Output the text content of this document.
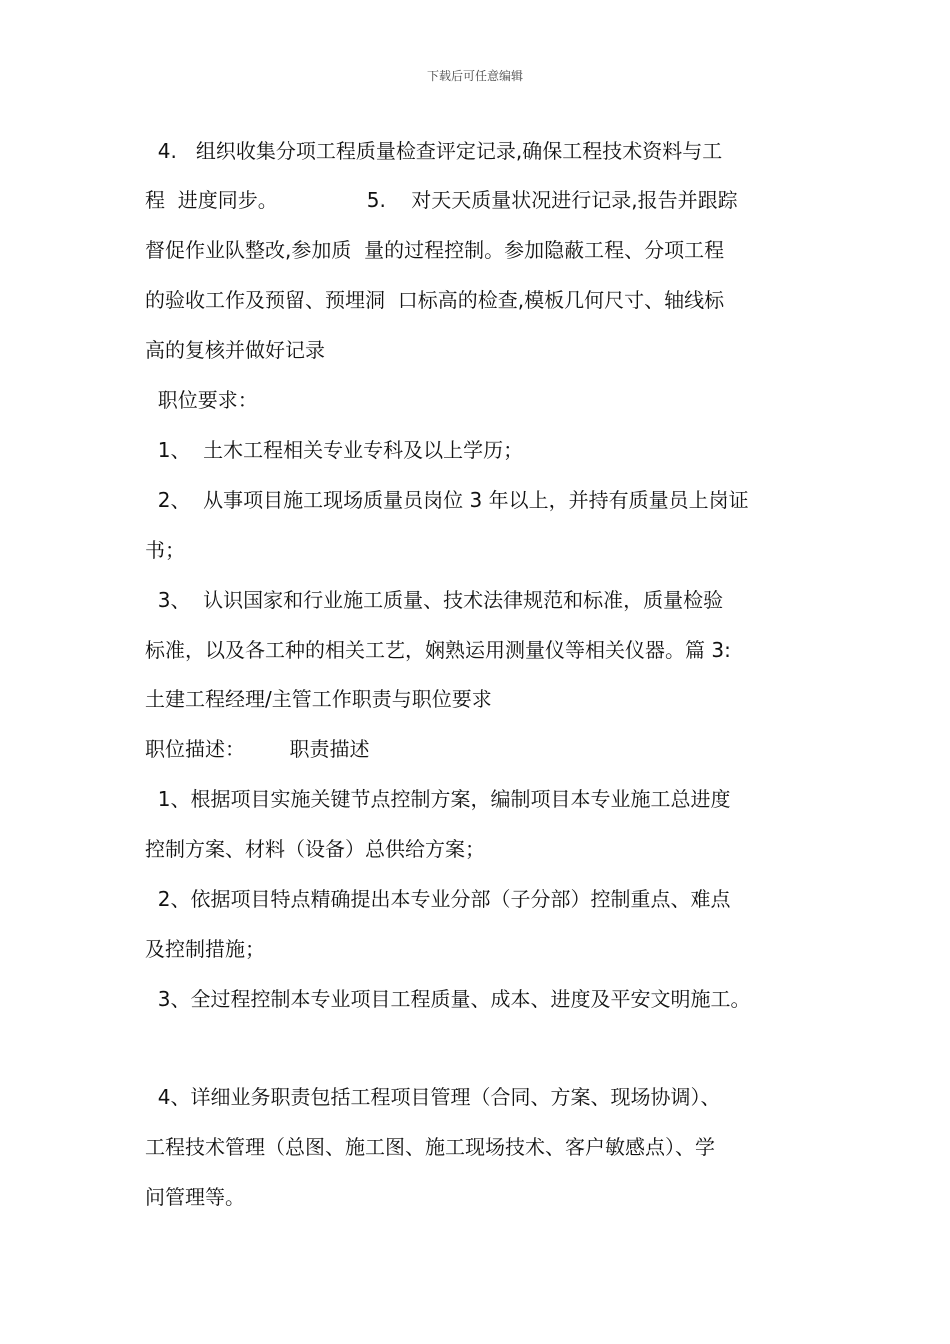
下载后可任意编辑
4.   组织收集分项工程质量检查评定记录,确保工程技术资料与工
程  进度同步。              5.    对天天质量状况进行记录,报告并跟踪
督促作业队整改,参加质  量的过程控制。参加隐蔽工程、分项工程
的验收工作及预留、预埋洞  口标高的检查,模板几何尺寸、轴线标
高的复核并做好记录
职位要求：
1、  土木工程相关专业专科及以上学历；
2、  从事项目施工现场质量员岗位 3 年以上，并持有质量员上岗证
书；
3、  认识国家和行业施工质量、技术法律规范和标准，质量检验
标准，以及各工种的相关工艺，娴熟运用测量仪等相关仪器。篇 3:
土建工程经理/主管工作职责与职位要求
职位描述：       职责描述
1、根据项目实施关键节点控制方案，编制项目本专业施工总进度
控制方案、材料（设备）总供给方案；
2、依据项目特点精确提出本专业分部（子分部）控制重点、难点
及控制措施；
3、全过程控制本专业项目工程质量、成本、进度及平安文明施工。
4、详细业务职责包括工程项目管理（合同、方案、现场协调）、
工程技术管理（总图、施工图、施工现场技术、客户敏感点）、学
问管理等。
